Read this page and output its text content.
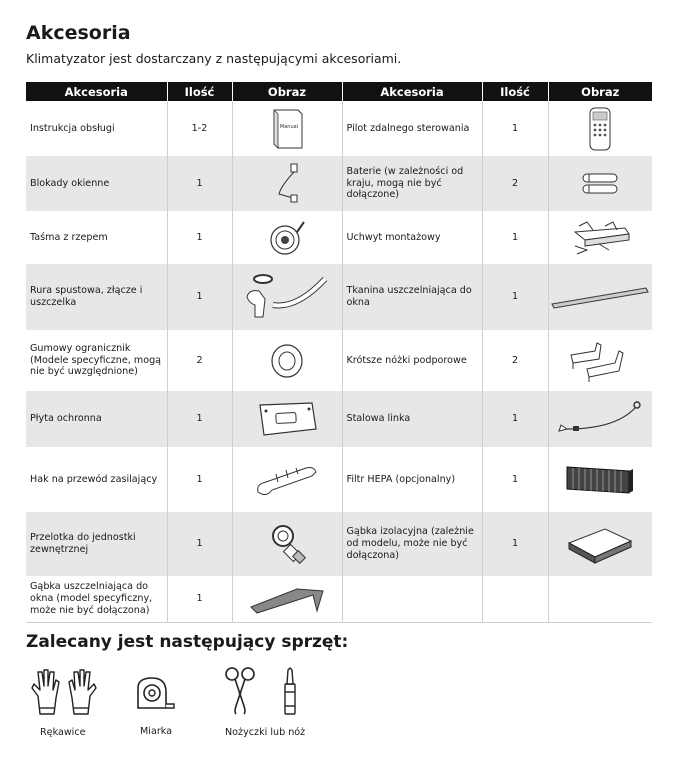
Akcesoria
Klimatyzator jest dostarczany z następującymi akcesoriami.
Akcesoria	Ilość	Obraz	Akcesoria	Ilość	Obraz
Instrukcja obsługi	1-2	Manual	Pilot zdalnego sterowania	1	

Blokady okienne	1		Baterie (w zależności od kraju, mogą nie być dołączone)	2	

Taśma z rzepem	1		Uchwyt montażowy	1	

Rura spustowa, złącze i uszczelka	1		Tkanina uszczelniająca do okna	1	

Gumowy ogranicznik (Modele specyficzne, mogą nie być uwzględnione)	2		Krótsze nóżki podporowe	2	

Płyta ochronna	1		Stalowa linka	1	

Hak na przewód zasilający	1		Filtr HEPA (opcjonalny)	1	

Przelotka do jednostki zewnętrznej	1		Gąbka izolacyjna (zależnie od modelu, może nie być dołączona)	1	

Gąbka uszczelniająca do okna (model specyficzny, może nie być dołączona)	1	

Zalecany jest następujący sprzęt:
Rękawice	Miarka	Nożyczki lub nóż
